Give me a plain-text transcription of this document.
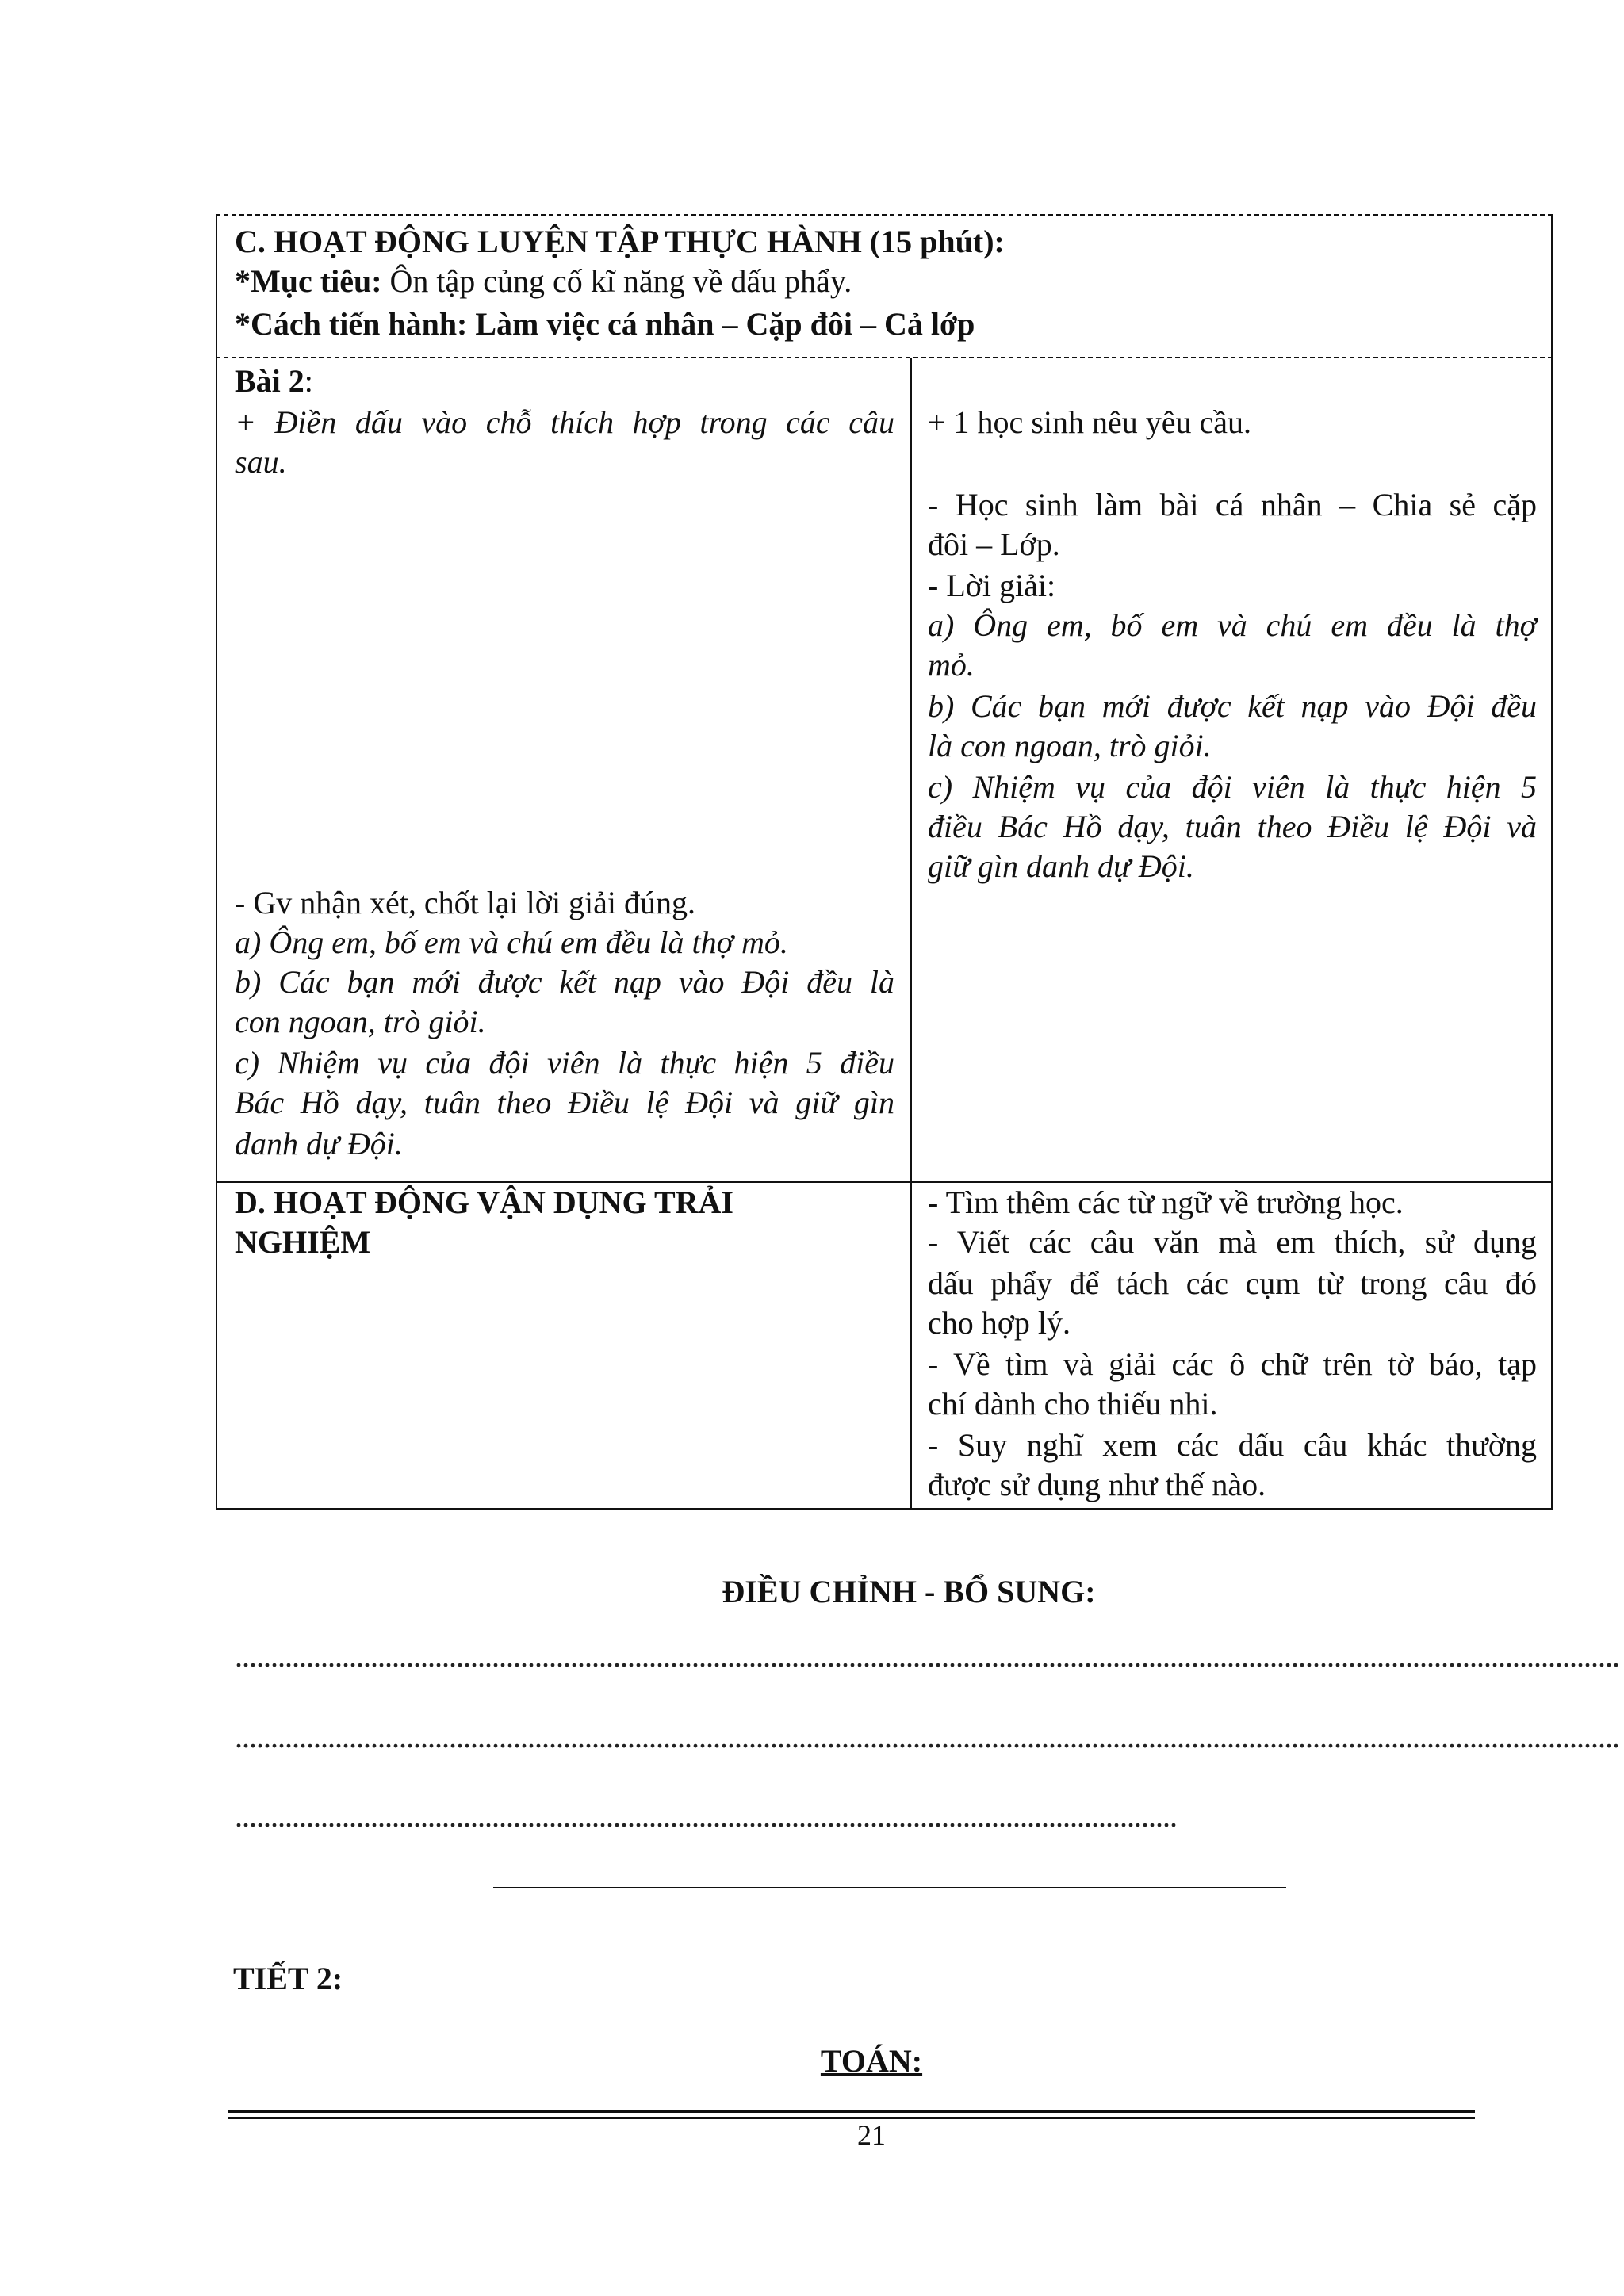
C. HOẠT ĐỘNG LUYỆN TẬP THỰC HÀNH (15 phút):
*Mục tiêu: Ôn tập củng cố kĩ năng về dấu phẩy.
*Cách tiến hành: Làm việc cá nhân – Cặp đôi – Cả lớp
Bài 2:
+ Điền dấu vào chỗ thích hợp trong các câu
sau.
- Gv nhận xét, chốt lại lời giải đúng.
a) Ông em, bố em và chú em đều là thợ mỏ.
b) Các bạn mới được kết nạp vào Đội đều là
con ngoan, trò giỏi.
c) Nhiệm vụ của đội viên là thực hiện 5 điều
Bác Hồ dạy, tuân theo Điều lệ Đội và giữ gìn
danh dự Đội.
+ 1 học sinh nêu yêu cầu.
- Học sinh làm bài cá nhân – Chia sẻ cặp
đôi – Lớp.
- Lời giải:
a) Ông em, bố em và chú em đều là thợ
mỏ.
b) Các bạn mới được kết nạp vào Đội đều
là con ngoan, trò giỏi.
c) Nhiệm vụ của đội viên là thực hiện 5
điều Bác Hồ dạy, tuân theo Điều lệ Đội và
giữ gìn danh dự Đội.
D. HOẠT ĐỘNG VẬN DỤNG TRẢI
NGHIỆM
- Tìm thêm các từ ngữ về trường học.
- Viết các câu văn mà em thích, sử dụng
dấu phẩy để tách các cụm từ trong câu đó
cho hợp lý.
- Về tìm và giải các ô chữ trên tờ báo, tạp
chí dành cho thiếu nhi.
- Suy nghĩ xem các dấu câu khác thường
được sử dụng như thế nào.
ĐIỀU CHỈNH - BỔ SUNG:
..................................................................................................................................................................................................
..................................................................................................................................................................................................
....................................................................................................................................
TIẾT 2:
TOÁN:
21
